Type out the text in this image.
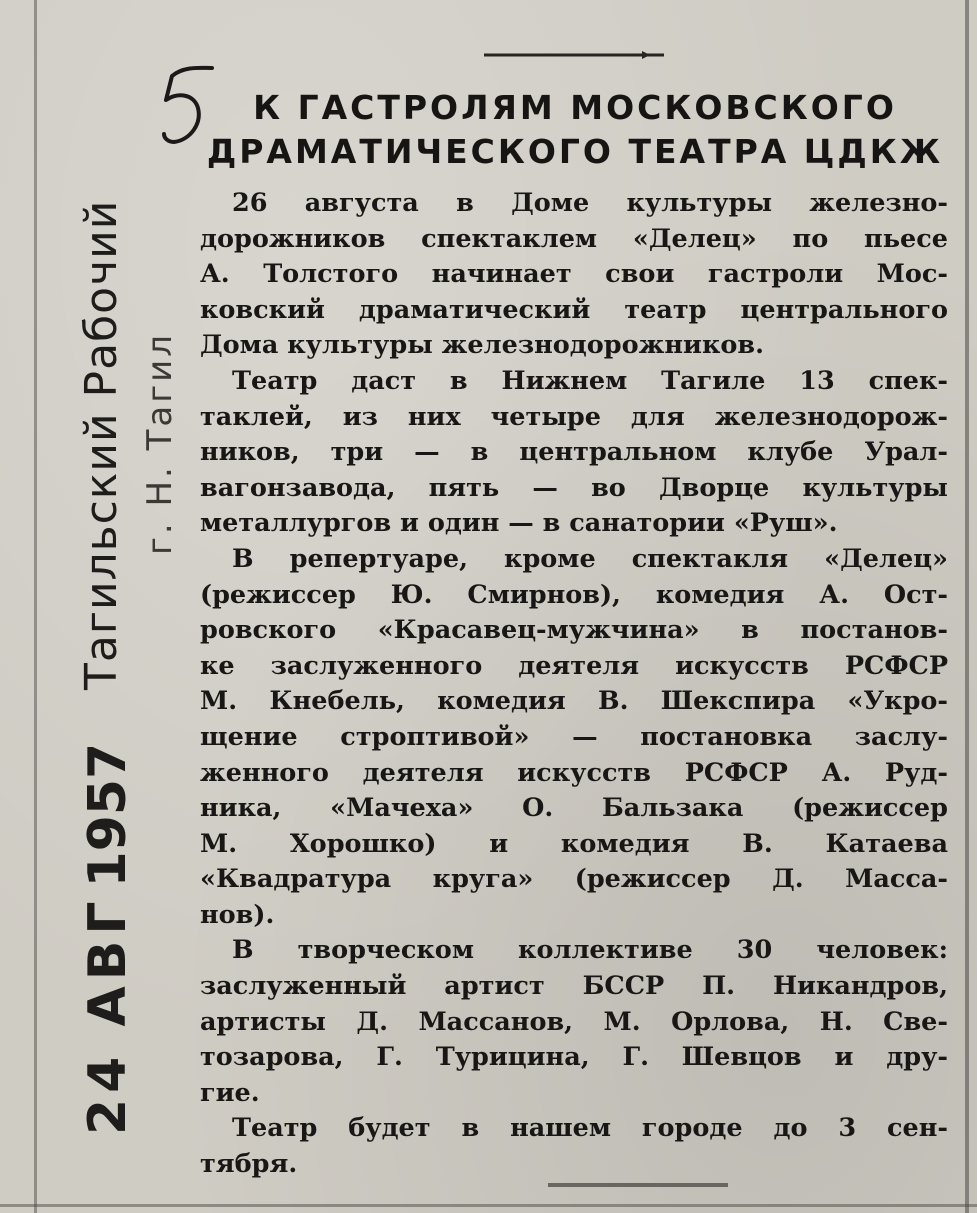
Тагильский Рабочий г. Н. Тагил
24 АВГ1957
К ГАСТРОЛЯМ МОСКОВСКОГО
ДРАМАТИЧЕСКОГО ТЕАТРА ЦДКЖ
26 августа в Доме культуры железно-
дорожников спектаклем «Делец» по пьесе
А. Толстого начинает свои гастроли Мос-
ковский драматический театр центрального
Дома культуры железнодорожников.
Театр даст в Нижнем Тагиле 13 спек-
таклей, из них четыре для железнодорож-
ников, три — в центральном клубе Урал-
вагонзавода, пять — во Дворце культуры
металлургов и один — в санатории «Руш».
В репертуаре, кроме спектакля «Делец»
(режиссер Ю. Смирнов), комедия А. Ост-
ровского «Красавец-мужчина» в постанов-
ке заслуженного деятеля искусств РСФСР
М. Кнебель, комедия В. Шекспира «Укро-
щение строптивой» — постановка заслу-
женного деятеля искусств РСФСР А. Руд-
ника, «Мачеха» О. Бальзака (режиссер
М. Хорошко) и комедия В. Катаева
«Квадратура круга» (режиссер Д. Масса-
нов).
В творческом коллективе 30 человек:
заслуженный артист БССР П. Никандров,
артисты Д. Массанов, М. Орлова, Н. Све-
тозарова, Г. Турицина, Г. Шевцов и дру-
гие.
Театр будет в нашем городе до 3 сен-
тября.
